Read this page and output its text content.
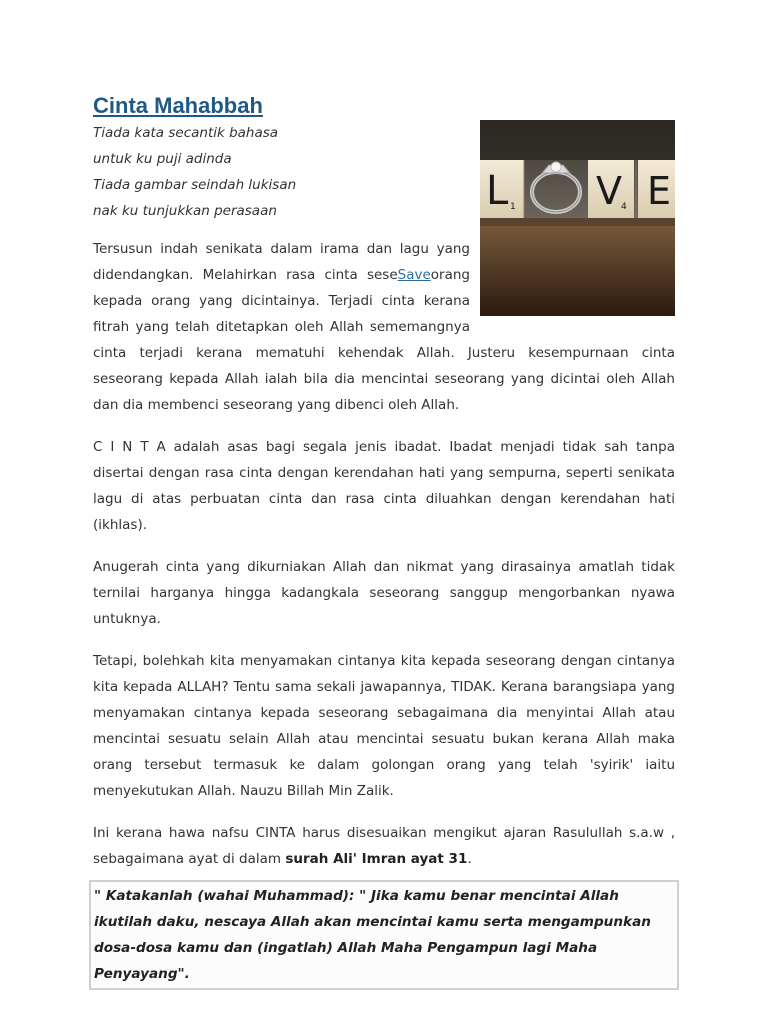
Cinta Mahabbah
L 1 V 4 E

Tiada kata secantik bahasa

untuk ku puji adinda

Tiada gambar seindah lukisan

nak ku tunjukkan perasaan

Tersusun indah senikata dalam irama dan lagu yang didendangkan. Melahirkan rasa cinta seseSaveorang kepada orang yang dicintainya. Terjadi cinta kerana fitrah yang telah ditetapkan oleh Allah sememangnya cinta terjadi kerana mematuhi kehendak Allah. Justeru kesempurnaan cinta seseorang kepada Allah ialah bila dia mencintai seseorang yang dicintai oleh Allah dan dia membenci seseorang yang dibenci oleh Allah.

C I N T A adalah asas bagi segala jenis ibadat. Ibadat menjadi tidak sah tanpa disertai dengan rasa cinta dengan kerendahan hati yang sempurna, seperti senikata lagu di atas perbuatan cinta dan rasa cinta diluahkan dengan kerendahan hati (ikhlas).

Anugerah cinta yang dikurniakan Allah dan nikmat yang dirasainya amatlah tidak ternilai harganya hingga kadangkala seseorang sanggup mengorbankan nyawa untuknya.

Tetapi, bolehkah kita menyamakan cintanya kita kepada seseorang dengan cintanya kita kepada ALLAH? Tentu sama sekali jawapannya, TIDAK. Kerana barangsiapa yang menyamakan cintanya kepada seseorang sebagaimana dia menyintai Allah atau mencintai sesuatu selain Allah atau mencintai sesuatu bukan kerana Allah maka orang tersebut termasuk ke dalam golongan orang yang telah 'syirik' iaitu menyekutukan Allah. Nauzu Billah Min Zalik.

Ini kerana hawa nafsu CINTA harus disesuaikan mengikut ajaran Rasulullah s.a.w , sebagaimana ayat di dalam surah Ali' Imran ayat 31.

" Katakanlah (wahai Muhammad): " Jika kamu benar mencintai Allah ikutilah daku, nescaya Allah akan mencintai kamu serta mengampunkan dosa-dosa kamu dan (ingatlah) Allah Maha Pengampun lagi Maha Penyayang".
